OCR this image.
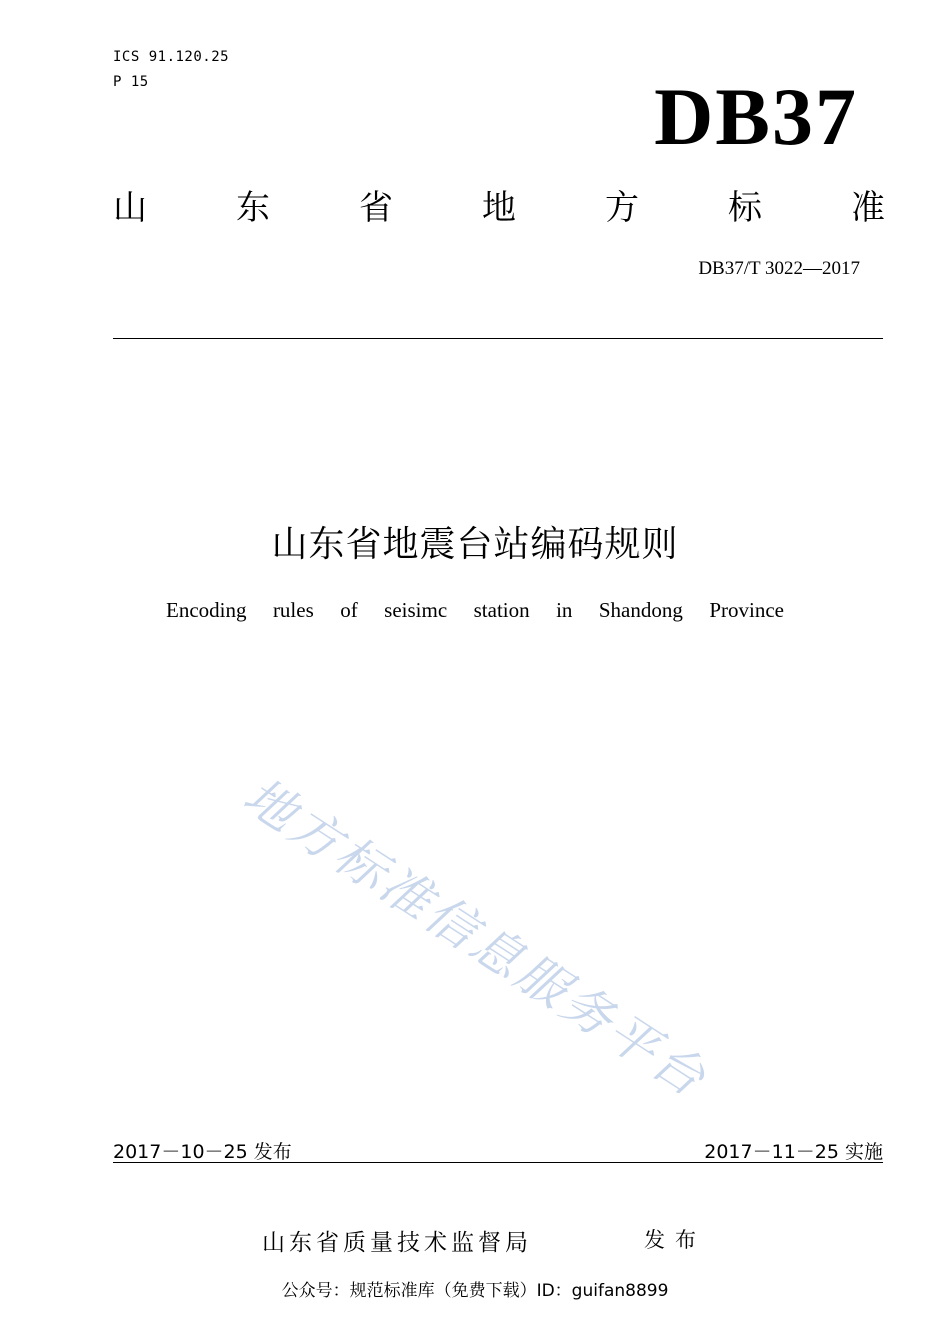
ICS 91.120.25
P 15	DB37
山	东	省	地	方	标	准
DB37/T 3022—2017
山东省地震台站编码规则
Encoding rules of seisimc station in Shandong Province
地方标准信息服务平台
2017－10－25 发布	2017－11－25 实施
山东省质量技术监督局	发布
公众号：规范标准库（免费下载）ID：guifan8899
